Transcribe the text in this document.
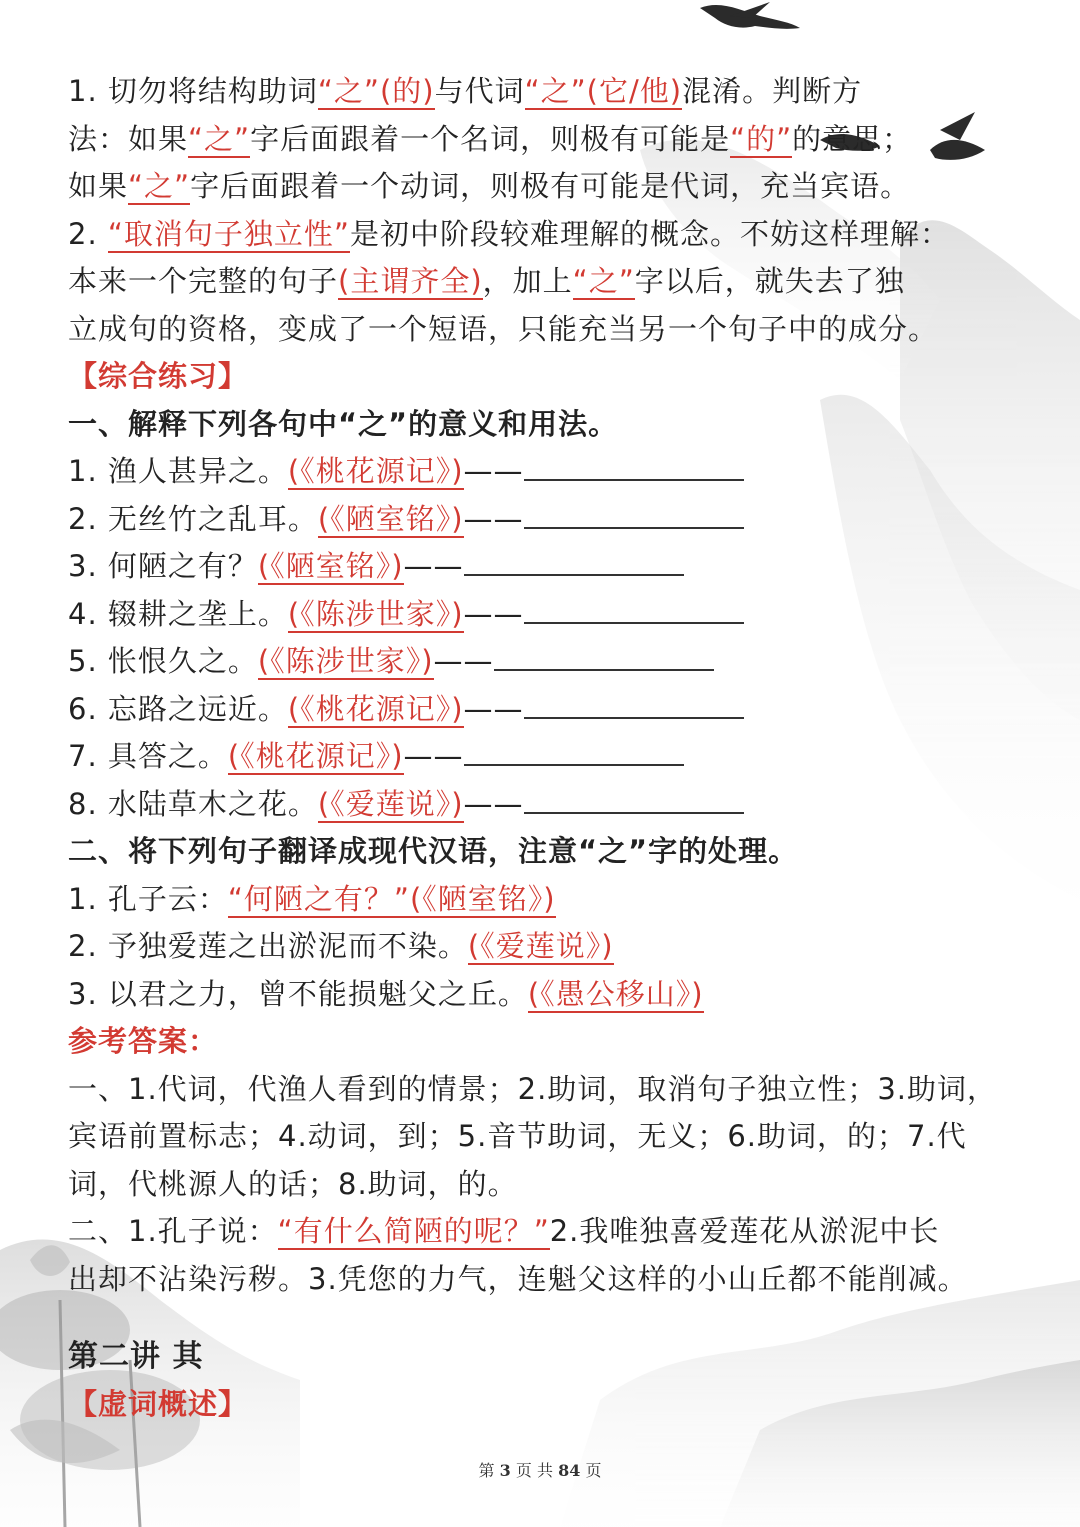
1. 切勿将结构助词“之”(的)与代词“之”(它/他)混淆。判断方
法：如果“之”字后面跟着一个名词，则极有可能是“的”的意思；
如果“之”字后面跟着一个动词，则极有可能是代词，充当宾语。
2. “取消句子独立性”是初中阶段较难理解的概念。不妨这样理解：
本来一个完整的句子(主谓齐全)，加上“之”字以后，就失去了独
立成句的资格，变成了一个短语，只能充当另一个句子中的成分。
【综合练习】
一、解释下列各句中“之”的意义和用法。
1. 渔人甚异之。(《桃花源记》)——
2. 无丝竹之乱耳。(《陋室铭》)——
3. 何陋之有？(《陋室铭》)——
4. 辍耕之垄上。(《陈涉世家》)——
5. 怅恨久之。(《陈涉世家》)——
6. 忘路之远近。(《桃花源记》)——
7. 具答之。(《桃花源记》)——
8. 水陆草木之花。(《爱莲说》)——
二、将下列句子翻译成现代汉语，注意“之”字的处理。
1. 孔子云：“何陋之有？”(《陋室铭》)
2. 予独爱莲之出淤泥而不染。(《爱莲说》)
3. 以君之力，曾不能损魁父之丘。(《愚公移山》)
参考答案：
一、1.代词，代渔人看到的情景；2.助词，取消句子独立性；3.助词，
宾语前置标志；4.动词，到；5.音节助词，无义；6.助词，的；7.代
词，代桃源人的话；8.助词，的。
二、1.孔子说：“有什么简陋的呢？”2.我唯独喜爱莲花从淤泥中长
出却不沾染污秽。3.凭您的力气，连魁父这样的小山丘都不能削减。
第二讲 其
【虚词概述】
第 3 页 共 84 页
